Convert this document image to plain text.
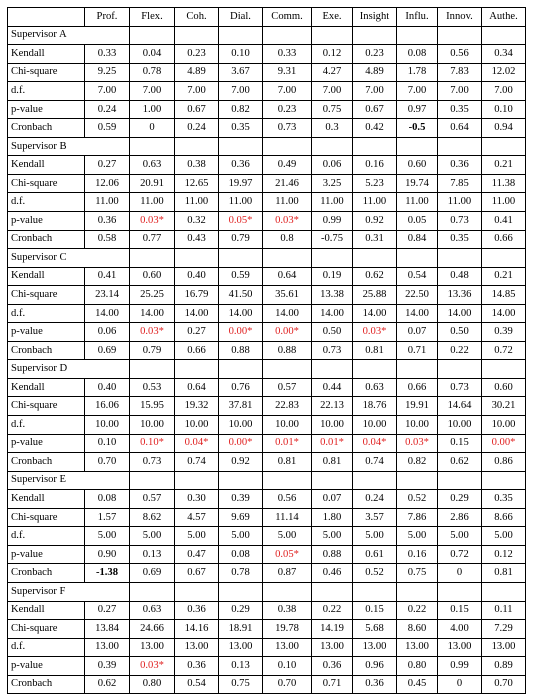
	Prof.	Flex.	Coh.	Dial.	Comm.	Exe.	Insight	Influ.	Innov.	Authe.
Supervisor A										
Kendall	0.33	0.04	0.23	0.10	0.33	0.12	0.23	0.08	0.56	0.34
Chi-square	9.25	0.78	4.89	3.67	9.31	4.27	4.89	1.78	7.83	12.02
d.f.	7.00	7.00	7.00	7.00	7.00	7.00	7.00	7.00	7.00	7.00
p-value	0.24	1.00	0.67	0.82	0.23	0.75	0.67	0.97	0.35	0.10
Cronbach	0.59	0	0.24	0.35	0.73	0.3	0.42	-0.5	0.64	0.94
Supervisor B										
Kendall	0.27	0.63	0.38	0.36	0.49	0.06	0.16	0.60	0.36	0.21
Chi-square	12.06	20.91	12.65	19.97	21.46	3.25	5.23	19.74	7.85	11.38
d.f.	11.00	11.00	11.00	11.00	11.00	11.00	11.00	11.00	11.00	11.00
p-value	0.36	0.03*	0.32	0.05*	0.03*	0.99	0.92	0.05	0.73	0.41
Cronbach	0.58	0.77	0.43	0.79	0.8	-0.75	0.31	0.84	0.35	0.66
Supervisor C										
Kendall	0.41	0.60	0.40	0.59	0.64	0.19	0.62	0.54	0.48	0.21
Chi-square	23.14	25.25	16.79	41.50	35.61	13.38	25.88	22.50	13.36	14.85
d.f.	14.00	14.00	14.00	14.00	14.00	14.00	14.00	14.00	14.00	14.00
p-value	0.06	0.03*	0.27	0.00*	0.00*	0.50	0.03*	0.07	0.50	0.39
Cronbach	0.69	0.79	0.66	0.88	0.88	0.73	0.81	0.71	0.22	0.72
Supervisor D										
Kendall	0.40	0.53	0.64	0.76	0.57	0.44	0.63	0.66	0.73	0.60
Chi-square	16.06	15.95	19.32	37.81	22.83	22.13	18.76	19.91	14.64	30.21
d.f.	10.00	10.00	10.00	10.00	10.00	10.00	10.00	10.00	10.00	10.00
p-value	0.10	0.10*	0.04*	0.00*	0.01*	0.01*	0.04*	0.03*	0.15	0.00*
Cronbach	0.70	0.73	0.74	0.92	0.81	0.81	0.74	0.82	0.62	0.86
Supervisor E										
Kendall	0.08	0.57	0.30	0.39	0.56	0.07	0.24	0.52	0.29	0.35
Chi-square	1.57	8.62	4.57	9.69	11.14	1.80	3.57	7.86	2.86	8.66
d.f.	5.00	5.00	5.00	5.00	5.00	5.00	5.00	5.00	5.00	5.00
p-value	0.90	0.13	0.47	0.08	0.05*	0.88	0.61	0.16	0.72	0.12
Cronbach	-1.38	0.69	0.67	0.78	0.87	0.46	0.52	0.75	0	0.81
Supervisor F										
Kendall	0.27	0.63	0.36	0.29	0.38	0.22	0.15	0.22	0.15	0.11
Chi-square	13.84	24.66	14.16	18.91	19.78	14.19	5.68	8.60	4.00	7.29
d.f.	13.00	13.00	13.00	13.00	13.00	13.00	13.00	13.00	13.00	13.00
p-value	0.39	0.03*	0.36	0.13	0.10	0.36	0.96	0.80	0.99	0.89
Cronbach	0.62	0.80	0.54	0.75	0.70	0.71	0.36	0.45	0	0.70
